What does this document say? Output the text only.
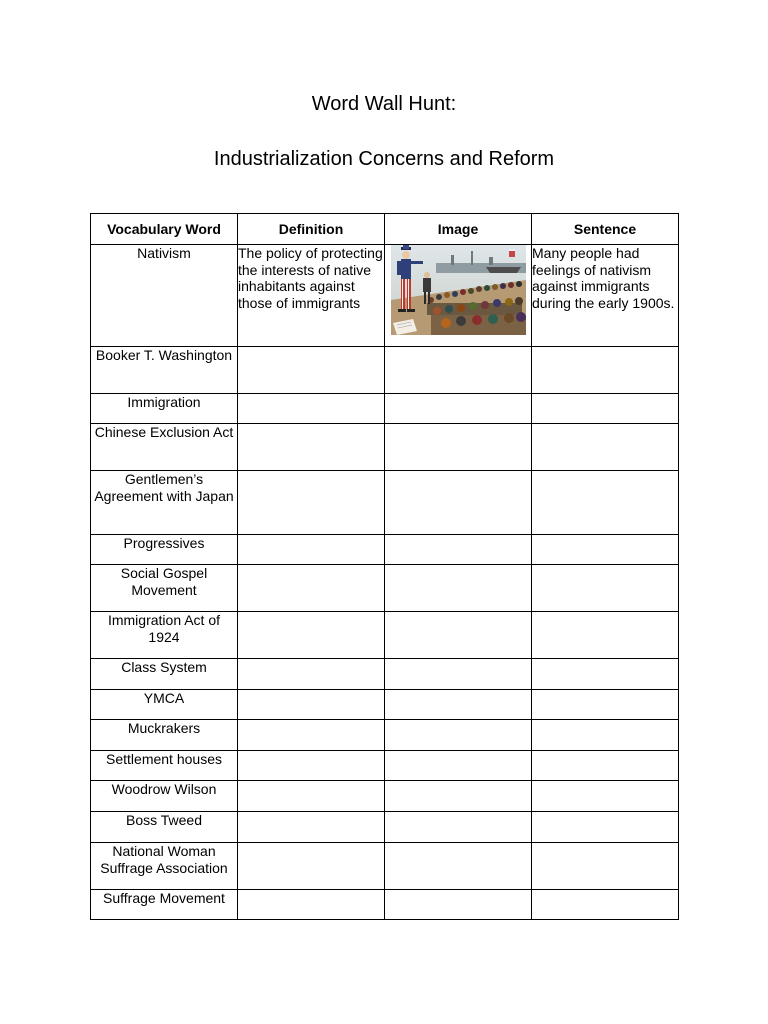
Word Wall Hunt:
Industrialization Concerns and Reform
Vocabulary Word	Definition	Image	Sentence
Nativism	The policy of protecting the interests of native inhabitants against those of immigrants		Many people had feelings of nativism against immigrants during the early 1900s.
Booker T. Washington			
Immigration			
Chinese Exclusion Act			
Gentlemen’s Agreement with Japan			
Progressives			
Social Gospel Movement			
Immigration Act of 1924			
Class System			
YMCA			
Muckrakers			
Settlement houses			
Woodrow Wilson			
Boss Tweed			
National Woman Suffrage Association			
Suffrage Movement			
